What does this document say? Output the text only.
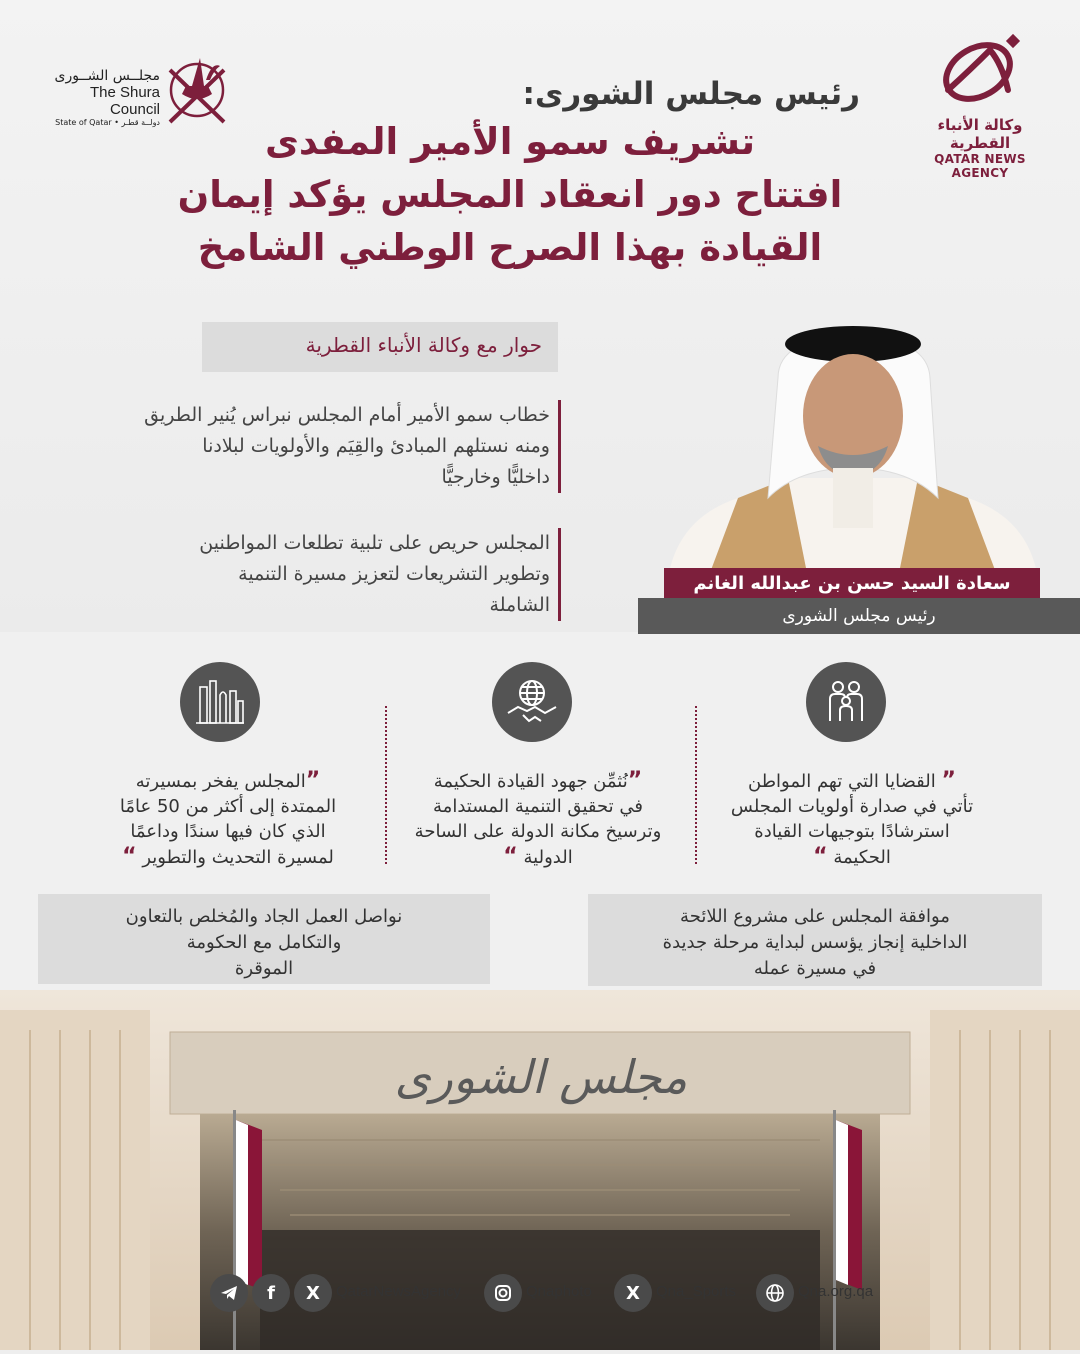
وكالة الأنباء القطرية
QATAR NEWS AGENCY
مجلــس الشــورى
The Shura Council
State of Qatar • دولــة قطـر
رئيس مجلس الشورى:
تشريف سمو الأمير المفدى
افتتاح دور انعقاد المجلس يؤكد إيمان
القيادة بهذا الصرح الوطني الشامخ
حوار مع وكالة الأنباء القطرية
خطاب سمو الأمير أمام المجلس نبراس يُنير الطريق
ومنه نستلهم المبادئ والقِيَم والأولويات لبلادنا
داخليًّا وخارجيًّا
المجلس حريص على تلبية تطلعات المواطنين
وتطوير التشريعات لتعزيز مسيرة التنمية
الشاملة
سعادة السيد حسن بن عبدالله الغانم
رئيس مجلس الشورى
” القضايا التي تهم المواطن
تأتي في صدارة أولويات المجلس
استرشادًا بتوجيهات القيادة
الحكيمة “
”نُثمِّن جهود القيادة الحكيمة
في تحقيق التنمية المستدامة
وترسيخ مكانة الدولة على الساحة
الدولية “
”المجلس يفخر بمسيرته
الممتدة إلى أكثر من 50 عامًا
الذي كان فيها سندًا وداعمًا
لمسيرة التحديث والتطوير “
موافقة المجلس على مشروع اللائحة
الداخلية إنجاز يؤسس لبداية مرحلة جديدة
في مسيرة عمله
نواصل العمل الجاد والمُخلص بالتعاون
والتكامل مع الحكومة
الموقرة
مجلس الشورى
f	X	QatarNewsAgency	Qnaphoto	X	Qna_Sports	Qna.org.qa
